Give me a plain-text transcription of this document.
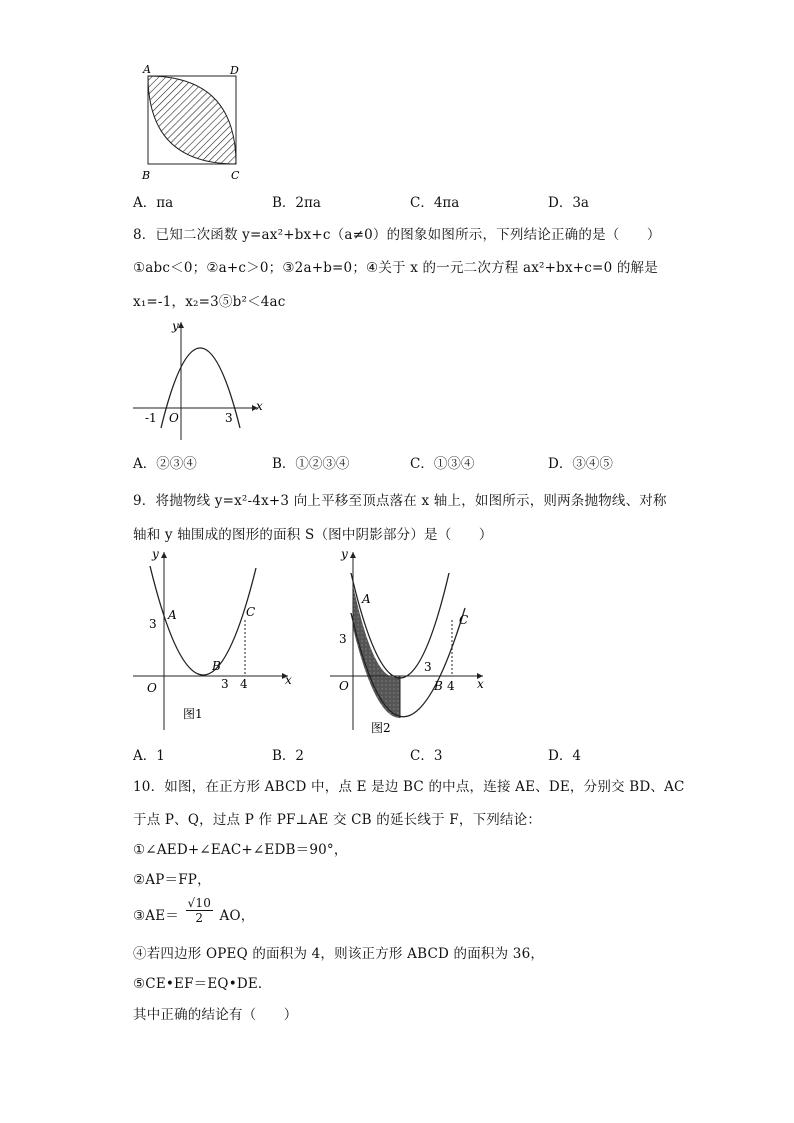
A	D
B	C
A．πa	B．2πa	C．4πa	D．3a
8．已知二次函数 y=ax²+bx+c（a≠0）的图象如图所示，下列结论正确的是（　　）
①abc＜0；②a+c＞0；③2a+b=0；④关于 x 的一元二次方程 ax²+bx+c=0 的解是
x₁=-1，x₂=3⑤b²＜4ac
y
x
O
-1	3
A．②③④	B．①②③④	C．①③④	D．③④⑤
9．将抛物线 y=x²-4x+3 向上平移至顶点落在 x 轴上，如图所示，则两条抛物线、对称
轴和 y 轴围成的图形的面积 S（图中阴影部分）是（　　）
y
x
O
A
B
C
3
3 4
图1
y
x
O
A
B
C
3
3
4
图2
A．1	B．2	C．3	D．4
10．如图，在正方形 ABCD 中，点 E 是边 BC 的中点，连接 AE、DE，分别交 BD、AC
于点 P、Q，过点 P 作 PF⊥AE 交 CB 的延长线于 F，下列结论：
①∠AED+∠EAC+∠EDB＝90°，
②AP＝FP，
③AE＝ $\frac{√10}{2}$ AO，
④若四边形 OPEQ 的面积为 4，则该正方形 ABCD 的面积为 36，
⑤CE•EF＝EQ•DE．
其中正确的结论有（　　）
